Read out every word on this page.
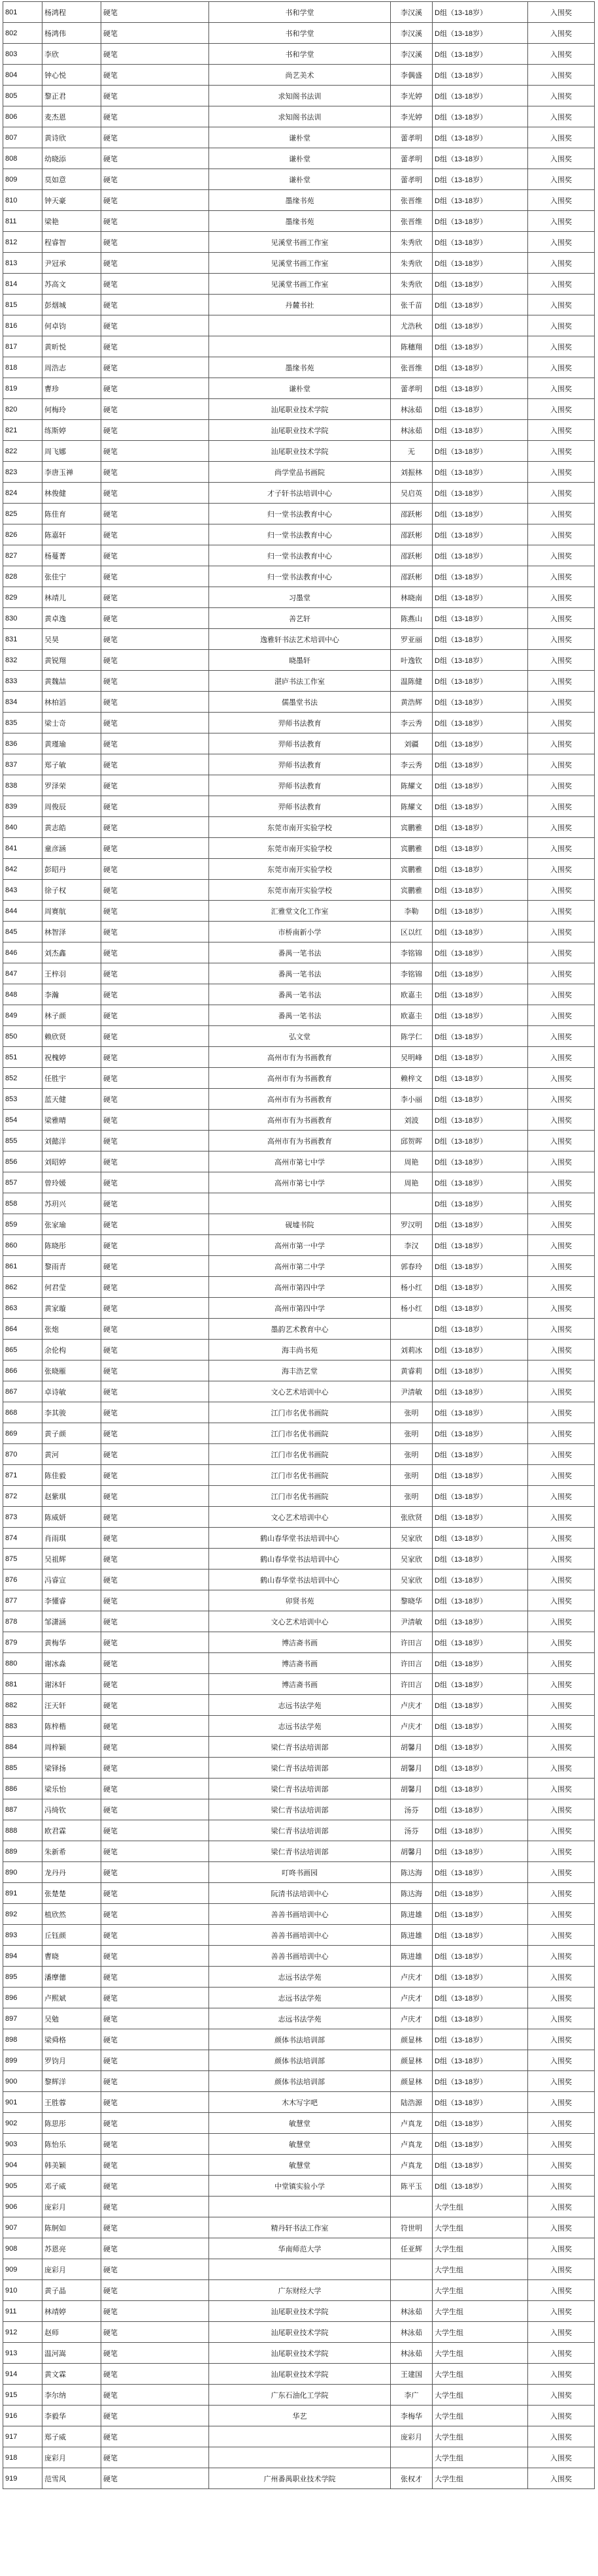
801	杨鸿程	硬笔	书和学堂	李汉溪	D组（13-18岁）	入围奖
802	杨鸿伟	硬笔	书和学堂	李汉溪	D组（13-18岁）	入围奖
803	李欣	硬笔	书和学堂	李汉溪	D组（13-18岁）	入围奖
804	钟心悦	硬笔	尚艺美术	李偶盛	D组（13-18岁）	入围奖
805	黎正君	硬笔	求知阁书法训	李光婷	D组（13-18岁）	入围奖
806	麦杰恩	硬笔	求知阁书法训	李光婷	D组（13-18岁）	入围奖
807	黄诗欣	硬笔	谦朴堂	蕾孝明	D组（13-18岁）	入围奖
808	幼晓添	硬笔	谦朴堂	蕾孝明	D组（13-18岁）	入围奖
809	莫如意	硬笔	谦朴堂	蕾孝明	D组（13-18岁）	入围奖
810	钟天豪	硬笔	墨缘书苑	张晋维	D组（13-18岁）	入围奖
811	梁艳	硬笔	墨缘书苑	张晋维	D组（13-18岁）	入围奖
812	程睿智	硬笔	见溪堂书画工作室	朱秀欣	D组（13-18岁）	入围奖
813	尹冠承	硬笔	见溪堂书画工作室	朱秀欣	D组（13-18岁）	入围奖
814	苏高文	硬笔	见溪堂书画工作室	朱秀欣	D组（13-18岁）	入围奖
815	彭烟城	硬笔	丹麓书社	张千苗	D组（13-18岁）	入围奖
816	何卓钧	硬笔		尤浩秋	D组（13-18岁）	入围奖
817	黄昕悦	硬笔		陈穗翔	D组（13-18岁）	入围奖
818	周浩志	硬笔	墨缘书苑	张晋维	D组（13-18岁）	入围奖
819	曹珍	硬笔	谦朴堂	蕾孝明	D组（13-18岁）	入围奖
820	何梅玲	硬笔	汕尾职业技术学院	林泳茹	D组（13-18岁）	入围奖
821	练斯婷	硬笔	汕尾职业技术学院	林泳茹	D组（13-18岁）	入围奖
822	周飞娜	硬笔	汕尾职业技术学院	无	D组（13-18岁）	入围奖
823	李唐玉禅	硬笔	尚学堂品书画院	刘振林	D组（13-18岁）	入围奖
824	林俊健	硬笔	才子轩书法培训中心	吴启英	D组（13-18岁）	入围奖
825	陈佳育	硬笔	归一堂书法教育中心	邵跃彬	D组（13-18岁）	入围奖
826	陈嘉轩	硬笔	归一堂书法教育中心	邵跃彬	D组（13-18岁）	入围奖
827	杨蔓菁	硬笔	归一堂书法教育中心	邵跃彬	D组（13-18岁）	入围奖
828	张佳宁	硬笔	归一堂书法教育中心	邵跃彬	D组（13-18岁）	入围奖
829	林靖儿	硬笔	习墨堂	林晓南	D组（13-18岁）	入围奖
830	黄卓逸	硬笔	善艺轩	陈燕山	D组（13-18岁）	入围奖
831	吴昊	硬笔	逸雅轩书法艺术培训中心	罗亚丽	D组（13-18岁）	入围奖
832	黄锐翔	硬笔	晓墨轩	叶逸钦	D组（13-18岁）	入围奖
833	黄魏喆	硬笔	湛庐书法工作室	温陈健	D组（13-18岁）	入围奖
834	林柏滔	硬笔	儒墨堂书法	黄浩辉	D组（13-18岁）	入围奖
835	梁士奇	硬笔	羿师书法教育	李云秀	D组（13-18岁）	入围奖
836	黄瑾瑜	硬笔	羿师书法教育	刘疆	D组（13-18岁）	入围奖
837	郑子敏	硬笔	羿师书法教育	李云秀	D组（13-18岁）	入围奖
838	罗泽荣	硬笔	羿师书法教育	陈耀文	D组（13-18岁）	入围奖
839	周俊辰	硬笔	羿师书法教育	陈耀文	D组（13-18岁）	入围奖
840	黄志皓	硬笔	东莞市南开实验学校	宾鹏雅	D组（13-18岁）	入围奖
841	童彦涵	硬笔	东莞市南开实验学校	宾鹏雅	D组（13-18岁）	入围奖
842	彭昭丹	硬笔	东莞市南开实验学校	宾鹏雅	D组（13-18岁）	入围奖
843	徐子权	硬笔	东莞市南开实验学校	宾鹏雅	D组（13-18岁）	入围奖
844	周赛航	硬笔	汇雅堂文化工作室	李勒	D组（13-18岁）	入围奖
845	林智泽	硬笔	市桥南新小学	区以红	D组（13-18岁）	入围奖
846	刘杰鑫	硬笔	番禺一笔书法	李铭锦	D组（13-18岁）	入围奖
847	王梓羽	硬笔	番禺一笔书法	李铭锦	D组（13-18岁）	入围奖
848	李瀚	硬笔	番禺一笔书法	欧嘉圭	D组（13-18岁）	入围奖
849	林子颜	硬笔	番禺一笔书法	欧嘉圭	D组（13-18岁）	入围奖
850	赖欣贤	硬笔	弘文堂	陈学仁	D组（13-18岁）	入围奖
851	祝槐婷	硬笔	高州市有为书画教育	吴明峰	D组（13-18岁）	入围奖
852	任胜宇	硬笔	高州市有为书画教育	赖梓文	D组（13-18岁）	入围奖
853	蓝天健	硬笔	高州市有为书画教育	李小丽	D组（13-18岁）	入围奖
854	梁雅晴	硬笔	高州市有为书画教育	刘波	D组（13-18岁）	入围奖
855	刘懿洋	硬笔	高州市有为书画教育	邱贺晖	D组（13-18岁）	入围奖
856	刘昭婷	硬笔	高州市第七中学	周艳	D组（13-18岁）	入围奖
857	曾玲媛	硬笔	高州市第七中学	周艳	D组（13-18岁）	入围奖
858	苏玥兴	硬笔			D组（13-18岁）	入围奖
859	张家瑜	硬笔	砚墟书院	罗汉明	D组（13-18岁）	入围奖
860	陈晓彤	硬笔	高州市第一中学	李汉	D组（13-18岁）	入围奖
861	黎雨青	硬笔	高州市第二中学	郭春玲	D组（13-18岁）	入围奖
862	何君莹	硬笔	高州市第四中学	杨小红	D组（13-18岁）	入围奖
863	黄家璇	硬笔	高州市第四中学	杨小红	D组（13-18岁）	入围奖
864	张炮	硬笔	墨韵艺术教育中心		D组（13-18岁）	入围奖
865	余伦构	硬笔	海丰尚书苑	刘莉冰	D组（13-18岁）	入围奖
866	张晓雁	硬笔	海丰浩艺堂	黄睿莉	D组（13-18岁）	入围奖
867	卓诗敏	硬笔	文心艺术培训中心	尹清敏	D组（13-18岁）	入围奖
868	李其骏	硬笔	江门市名优书画院	张明	D组（13-18岁）	入围奖
869	黄子颜	硬笔	江门市名优书画院	张明	D组（13-18岁）	入围奖
870	黄河	硬笔	江门市名优书画院	张明	D组（13-18岁）	入围奖
871	陈佳毅	硬笔	江门市名优书画院	张明	D组（13-18岁）	入围奖
872	赵紫琪	硬笔	江门市名优书画院	张明	D组（13-18岁）	入围奖
873	陈威妍	硬笔	文心艺术培训中心	张欣贤	D组（13-18岁）	入围奖
874	肖雨琪	硬笔	鹤山春华堂书法培训中心	吴家欣	D组（13-18岁）	入围奖
875	吴祖辉	硬笔	鹤山春华堂书法培训中心	吴家欣	D组（13-18岁）	入围奖
876	冯睿宣	硬笔	鹤山春华堂书法培训中心	吴家欣	D组（13-18岁）	入围奖
877	李懂睿	硬笔	卯贤书苑	黎晓华	D组（13-18岁）	入围奖
878	邹潇涵	硬笔	文心艺术培训中心	尹清敏	D组（13-18岁）	入围奖
879	黄梅华	硬笔	博洁斋书画	许田言	D组（13-18岁）	入围奖
880	谢冰淼	硬笔	博洁斋书画	许田言	D组（13-18岁）	入围奖
881	谢沐轩	硬笔	博洁斋书画	许田言	D组（13-18岁）	入围奖
882	汪天轩	硬笔	志远书法学苑	卢庆才	D组（13-18岁）	入围奖
883	陈梓楷	硬笔	志远书法学苑	卢庆才	D组（13-18岁）	入围奖
884	周梓颖	硬笔	梁仁青书法培训部	胡馨月	D组（13-18岁）	入围奖
885	梁铎扬	硬笔	梁仁青书法培训部	胡馨月	D组（13-18岁）	入围奖
886	梁乐怡	硬笔	梁仁青书法培训部	胡馨月	D组（13-18岁）	入围奖
887	冯绮钦	硬笔	梁仁青书法培训部	汤芬	D组（13-18岁）	入围奖
888	欧君霖	硬笔	梁仁青书法培训部	汤芬	D组（13-18岁）	入围奖
889	朱新希	硬笔	梁仁青书法培训部	胡馨月	D组（13-18岁）	入围奖
890	龙丹丹	硬笔	叮咚书画园	陈达海	D组（13-18岁）	入围奖
891	张楚楚	硬笔	阮清书法培训中心	陈达海	D组（13-18岁）	入围奖
892	植欣然	硬笔	善善书画培训中心	陈进雄	D组（13-18岁）	入围奖
893	丘钰颜	硬笔	善善书画培训中心	陈进雄	D组（13-18岁）	入围奖
894	曹晓	硬笔	善善书画培训中心	陈进雄	D组（13-18岁）	入围奖
895	潘摩僡	硬笔	志远书法学苑	卢庆才	D组（13-18岁）	入围奖
896	卢熙斌	硬笔	志远书法学苑	卢庆才	D组（13-18岁）	入围奖
897	吴勉	硬笔	志远书法学苑	卢庆才	D组（13-18岁）	入围奖
898	梁舜格	硬笔	颜体书法培训部	颜显林	D组（13-18岁）	入围奖
899	罗钧月	硬笔	颜体书法培训部	颜显林	D组（13-18岁）	入围奖
900	黎辉洋	硬笔	颜体书法培训部	颜显林	D组（13-18岁）	入围奖
901	王胜蓉	硬笔	木木写字吧	陆浩源	D组（13-18岁）	入围奖
902	陈思彤	硬笔	敏慧堂	卢真龙	D组（13-18岁）	入围奖
903	陈怡乐	硬笔	敏慧堂	卢真龙	D组（13-18岁）	入围奖
904	韩美颖	硬笔	敏慧堂	卢真龙	D组（13-18岁）	入围奖
905	邓子威	硬笔	中堂镇实验小学	陈平玉	D组（13-18岁）	入围奖
906	庞彩月	硬笔			大学生组	入围奖
907	陈舸如	硬笔	精丹轩书法工作室	符世明	大学生组	入围奖
908	苏恩亮	硬笔	华南师范大学	任亚辉	大学生组	入围奖
909	庞彩月	硬笔			大学生组	入围奖
910	黄子晶	硬笔	广东财经大学		大学生组	入围奖
911	林靖婷	硬笔	汕尾职业技术学院	林泳茹	大学生组	入围奖
912	赵师	硬笔	汕尾职业技术学院	林泳茹	大学生组	入围奖
913	温河嵩	硬笔	汕尾职业技术学院	林泳茹	大学生组	入围奖
914	黄文霖	硬笔	汕尾职业技术学院	王建国	大学生组	入围奖
915	李尔纳	硬笔	广东石油化工学院	李广	大学生组	入围奖
916	李毅华	硬笔	华艺	李梅华	大学生组	入围奖
917	郑子威	硬笔		庞彩月	大学生组	入围奖
918	庞彩月	硬笔			大学生组	入围奖
919	范雪风	硬笔	广州番禺职业技术学院	张权才	大学生组	入围奖
